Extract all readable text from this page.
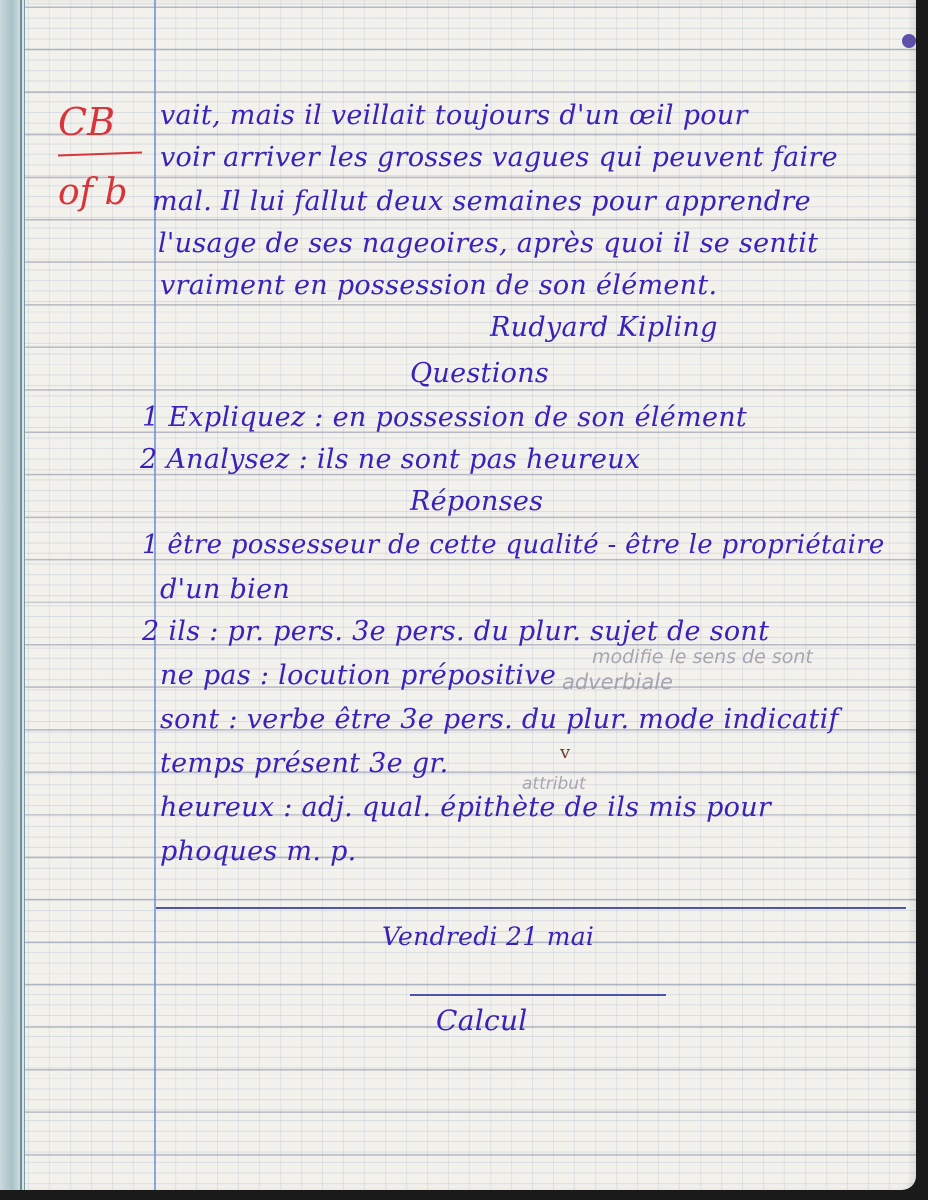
CB
of b
vait, mais il veillait toujours d'un œil pour
voir arriver les grosses vagues qui peuvent faire
mal. Il lui fallut deux semaines pour apprendre
l'usage de ses nageoires, après quoi il se sentit
vraiment en possession de son élément.
Rudyard Kipling
Questions
1 Expliquez : en possession de son élément
2 Analysez : ils ne sont pas heureux
Réponses
1 être possesseur de cette qualité - être le propriétaire
d'un bien
2 ils : pr. pers. 3e pers. du plur. sujet de sont
modifie le sens de sont
ne pas : locution prépositive adverbiale
sont : verbe être 3e pers. du plur. mode indicatif
v
temps présent 3e gr.
attribut
heureux : adj. qual. épithète de ils mis pour
phoques m. p.
Vendredi 21 mai
Calcul
